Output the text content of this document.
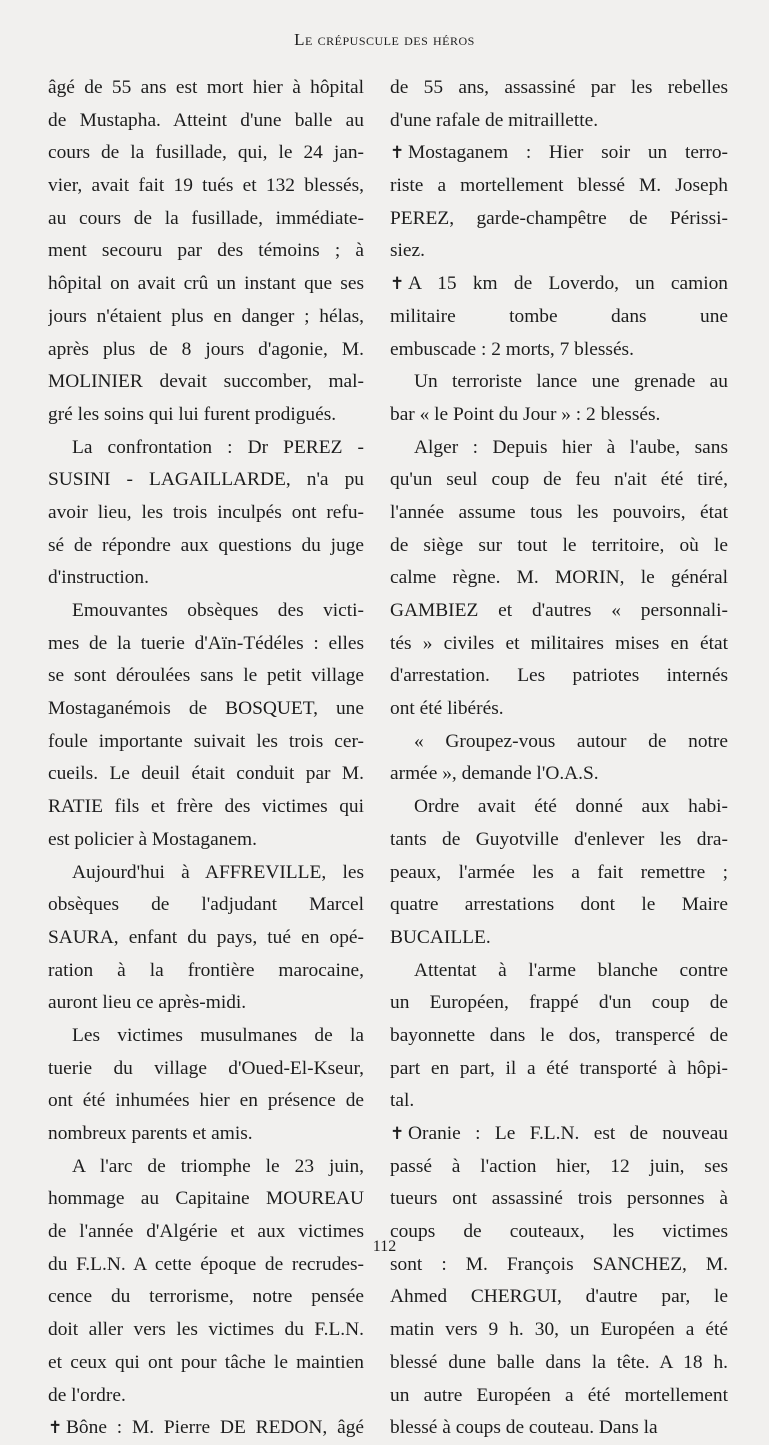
Le crépuscule des héros
âgé de 55 ans est mort hier à hôpital
de Mustapha. Atteint d'une balle au
cours de la fusillade, qui, le 24 jan-
vier, avait fait 19 tués et 132 blessés,
au cours de la fusillade, immédiate-
ment secouru par des témoins ; à
hôpital on avait crû un instant que ses
jours n'étaient plus en danger ; hélas,
après plus de 8 jours d'agonie, M.
MOLINIER devait succomber, mal-
gré les soins qui lui furent prodigués.
La confrontation : Dr PEREZ -
SUSINI - LAGAILLARDE, n'a pu
avoir lieu, les trois inculpés ont refu-
sé de répondre aux questions du juge
d'instruction.
Emouvantes obsèques des victi-
mes de la tuerie d'Aïn-Tédéles : elles
se sont déroulées sans le petit village
Mostaganémois de BOSQUET, une
foule importante suivait les trois cer-
cueils. Le deuil était conduit par M.
RATIE fils et frère des victimes qui
est policier à Mostaganem.
Aujourd'hui à AFFREVILLE, les
obsèques de l'adjudant Marcel
SAURA, enfant du pays, tué en opé-
ration à la frontière marocaine,
auront lieu ce après-midi.
Les victimes musulmanes de la
tuerie du village d'Oued-El-Kseur,
ont été inhumées hier en présence de
nombreux parents et amis.
A l'arc de triomphe le 23 juin,
hommage au Capitaine MOUREAU
de l'année d'Algérie et aux victimes
du F.L.N. A cette époque de recrudes-
cence du terrorisme, notre pensée
doit aller vers les victimes du F.L.N.
et ceux qui ont pour tâche le maintien
de l'ordre.
✝ Bône : M. Pierre DE REDON, âgé
de 55 ans, assassiné par les rebelles
d'une rafale de mitraillette.
✝ Mostaganem : Hier soir un terro-
riste a mortellement blessé M. Joseph
PEREZ, garde-champêtre de Périssi-
siez.
✝ A 15 km de Loverdo, un camion
militaire tombe dans une
embuscade : 2 morts, 7 blessés.
Un terroriste lance une grenade au
bar « le Point du Jour » : 2 blessés.
Alger : Depuis hier à l'aube, sans
qu'un seul coup de feu n'ait été tiré,
l'année assume tous les pouvoirs, état
de siège sur tout le territoire, où le
calme règne. M. MORIN, le général
GAMBIEZ et d'autres « personnali-
tés » civiles et militaires mises en état
d'arrestation. Les patriotes internés
ont été libérés.
« Groupez-vous autour de notre
armée », demande l'O.A.S.
Ordre avait été donné aux habi-
tants de Guyotville d'enlever les dra-
peaux, l'armée les a fait remettre ;
quatre arrestations dont le Maire
BUCAILLE.
Attentat à l'arme blanche contre
un Européen, frappé d'un coup de
bayonnette dans le dos, transpercé de
part en part, il a été transporté à hôpi-
tal.
✝ Oranie : Le F.L.N. est de nouveau
passé à l'action hier, 12 juin, ses
tueurs ont assassiné trois personnes à
coups de couteaux, les victimes
sont : M. François SANCHEZ, M.
Ahmed CHERGUI, d'autre par, le
matin vers 9 h. 30, un Européen a été
blessé dune balle dans la tête. A 18 h.
un autre Européen a été mortellement
blessé à coups de couteau. Dans la
112
